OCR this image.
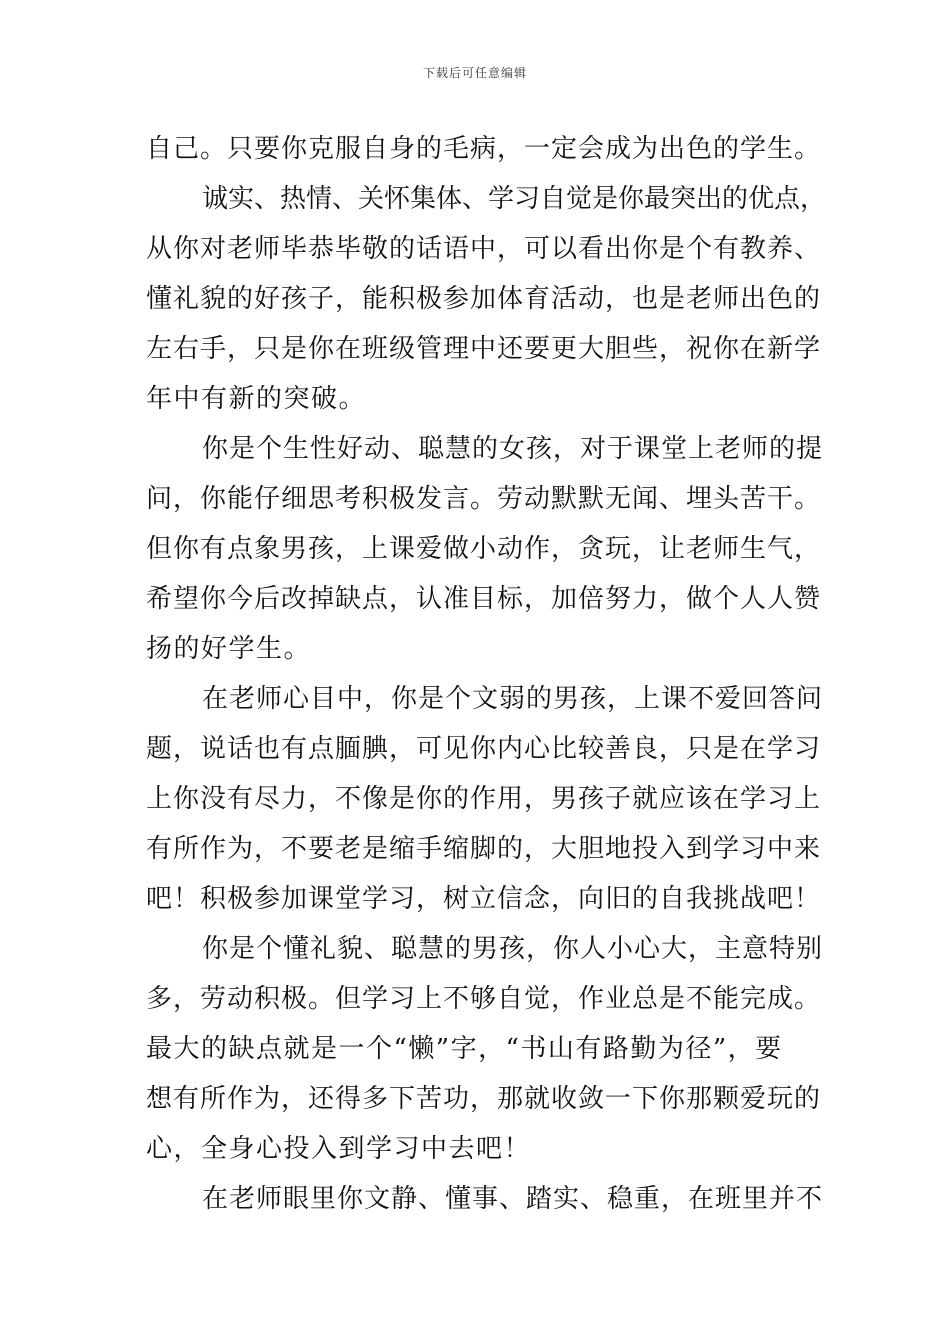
下载后可任意编辑
自己。只要你克服自身的毛病，一定会成为出色的学生。
诚实、热情、关怀集体、学习自觉是你最突出的优点，
从你对老师毕恭毕敬的话语中，可以看出你是个有教养、
懂礼貌的好孩子，能积极参加体育活动，也是老师出色的
左右手，只是你在班级管理中还要更大胆些，祝你在新学
年中有新的突破。
你是个生性好动、聪慧的女孩，对于课堂上老师的提
问，你能仔细思考积极发言。劳动默默无闻、埋头苦干。
但你有点象男孩，上课爱做小动作，贪玩，让老师生气，
希望你今后改掉缺点，认准目标，加倍努力，做个人人赞
扬的好学生。
在老师心目中，你是个文弱的男孩，上课不爱回答问
题，说话也有点腼腆，可见你内心比较善良，只是在学习
上你没有尽力，不像是你的作用，男孩子就应该在学习上
有所作为，不要老是缩手缩脚的，大胆地投入到学习中来
吧！积极参加课堂学习，树立信念，向旧的自我挑战吧！
你是个懂礼貌、聪慧的男孩，你人小心大，主意特别
多，劳动积极。但学习上不够自觉，作业总是不能完成。
最大的缺点就是一个“懒”字，“书山有路勤为径”，要
想有所作为，还得多下苦功，那就收敛一下你那颗爱玩的
心，全身心投入到学习中去吧！
在老师眼里你文静、懂事、踏实、稳重，在班里并不
